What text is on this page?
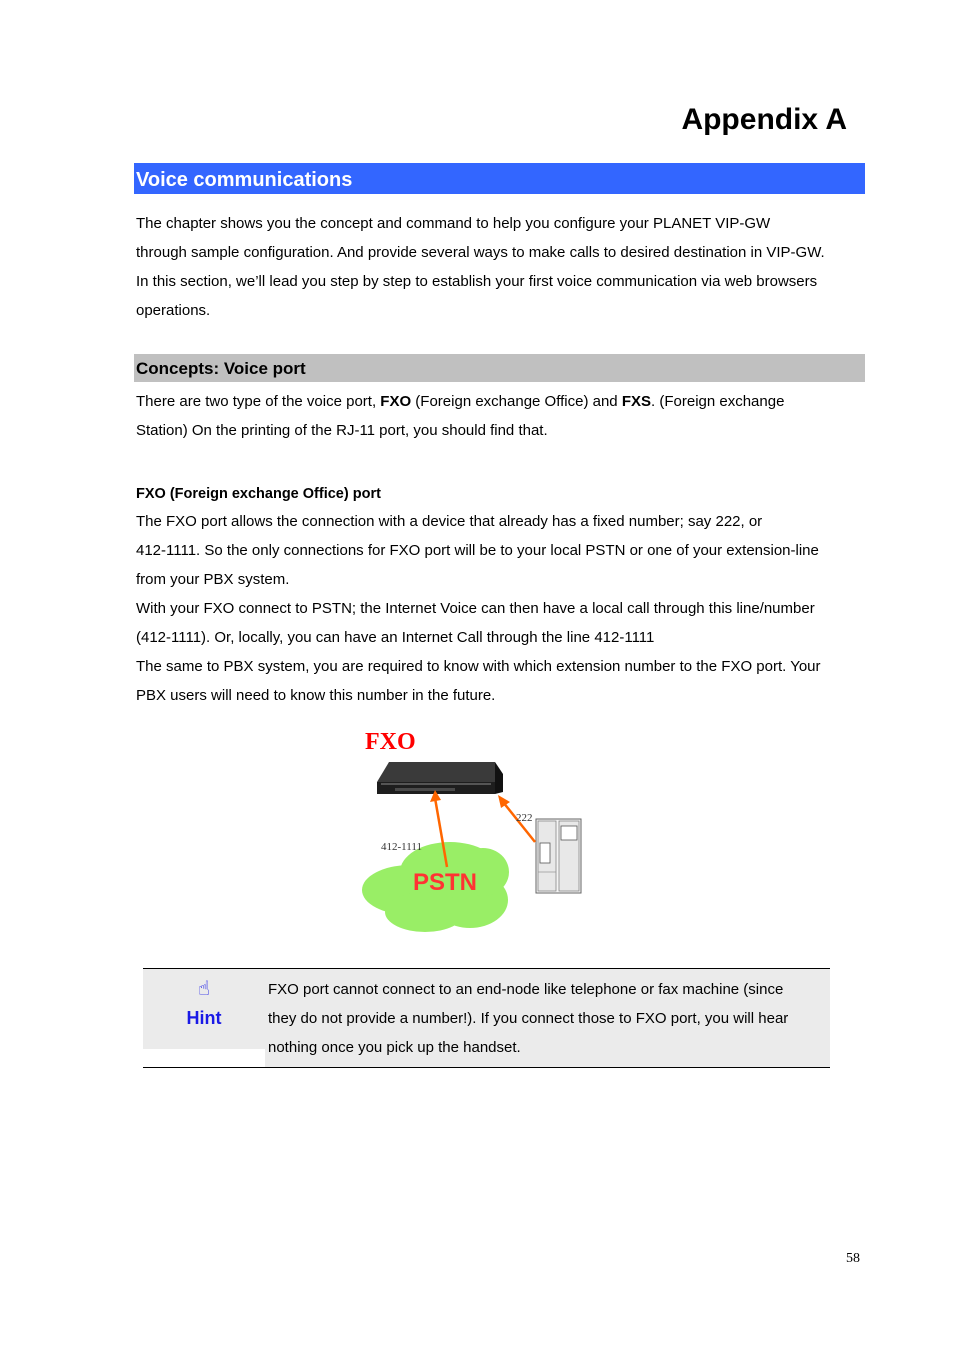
Appendix A
Voice communications
The chapter shows you the concept and command to help you configure your PLANET VIP-GW
through sample configuration. And provide several ways to make calls to desired destination in VIP-GW.
In this section, we’ll lead you step by step to establish your first voice communication via web browsers
operations.
Concepts: Voice port
There are two type of the voice port, FXO (Foreign exchange Office) and FXS. (Foreign exchange
Station) On the printing of the RJ-11 port, you should find that.
FXO (Foreign exchange Office) port
The FXO port allows the connection with a device that already has a fixed number; say 222, or
412-1111. So the only connections for FXO port will be to your local PSTN or one of your extension-line
from your PBX system.
With your FXO connect to PSTN; the Internet Voice can then have a local call through this line/number
(412-1111). Or, locally, you can have an Internet Call through the line 412-1111
The same to PBX system, you are required to know with which extension number to the FXO port. Your
PBX users will need to know this number in the future.
FXO
PSTN
412-1111
222
☝
Hint
FXO port cannot connect to an end-node like telephone or fax machine (since
they do not provide a number!). If you connect those to FXO port, you will hear
nothing once you pick up the handset.
58
